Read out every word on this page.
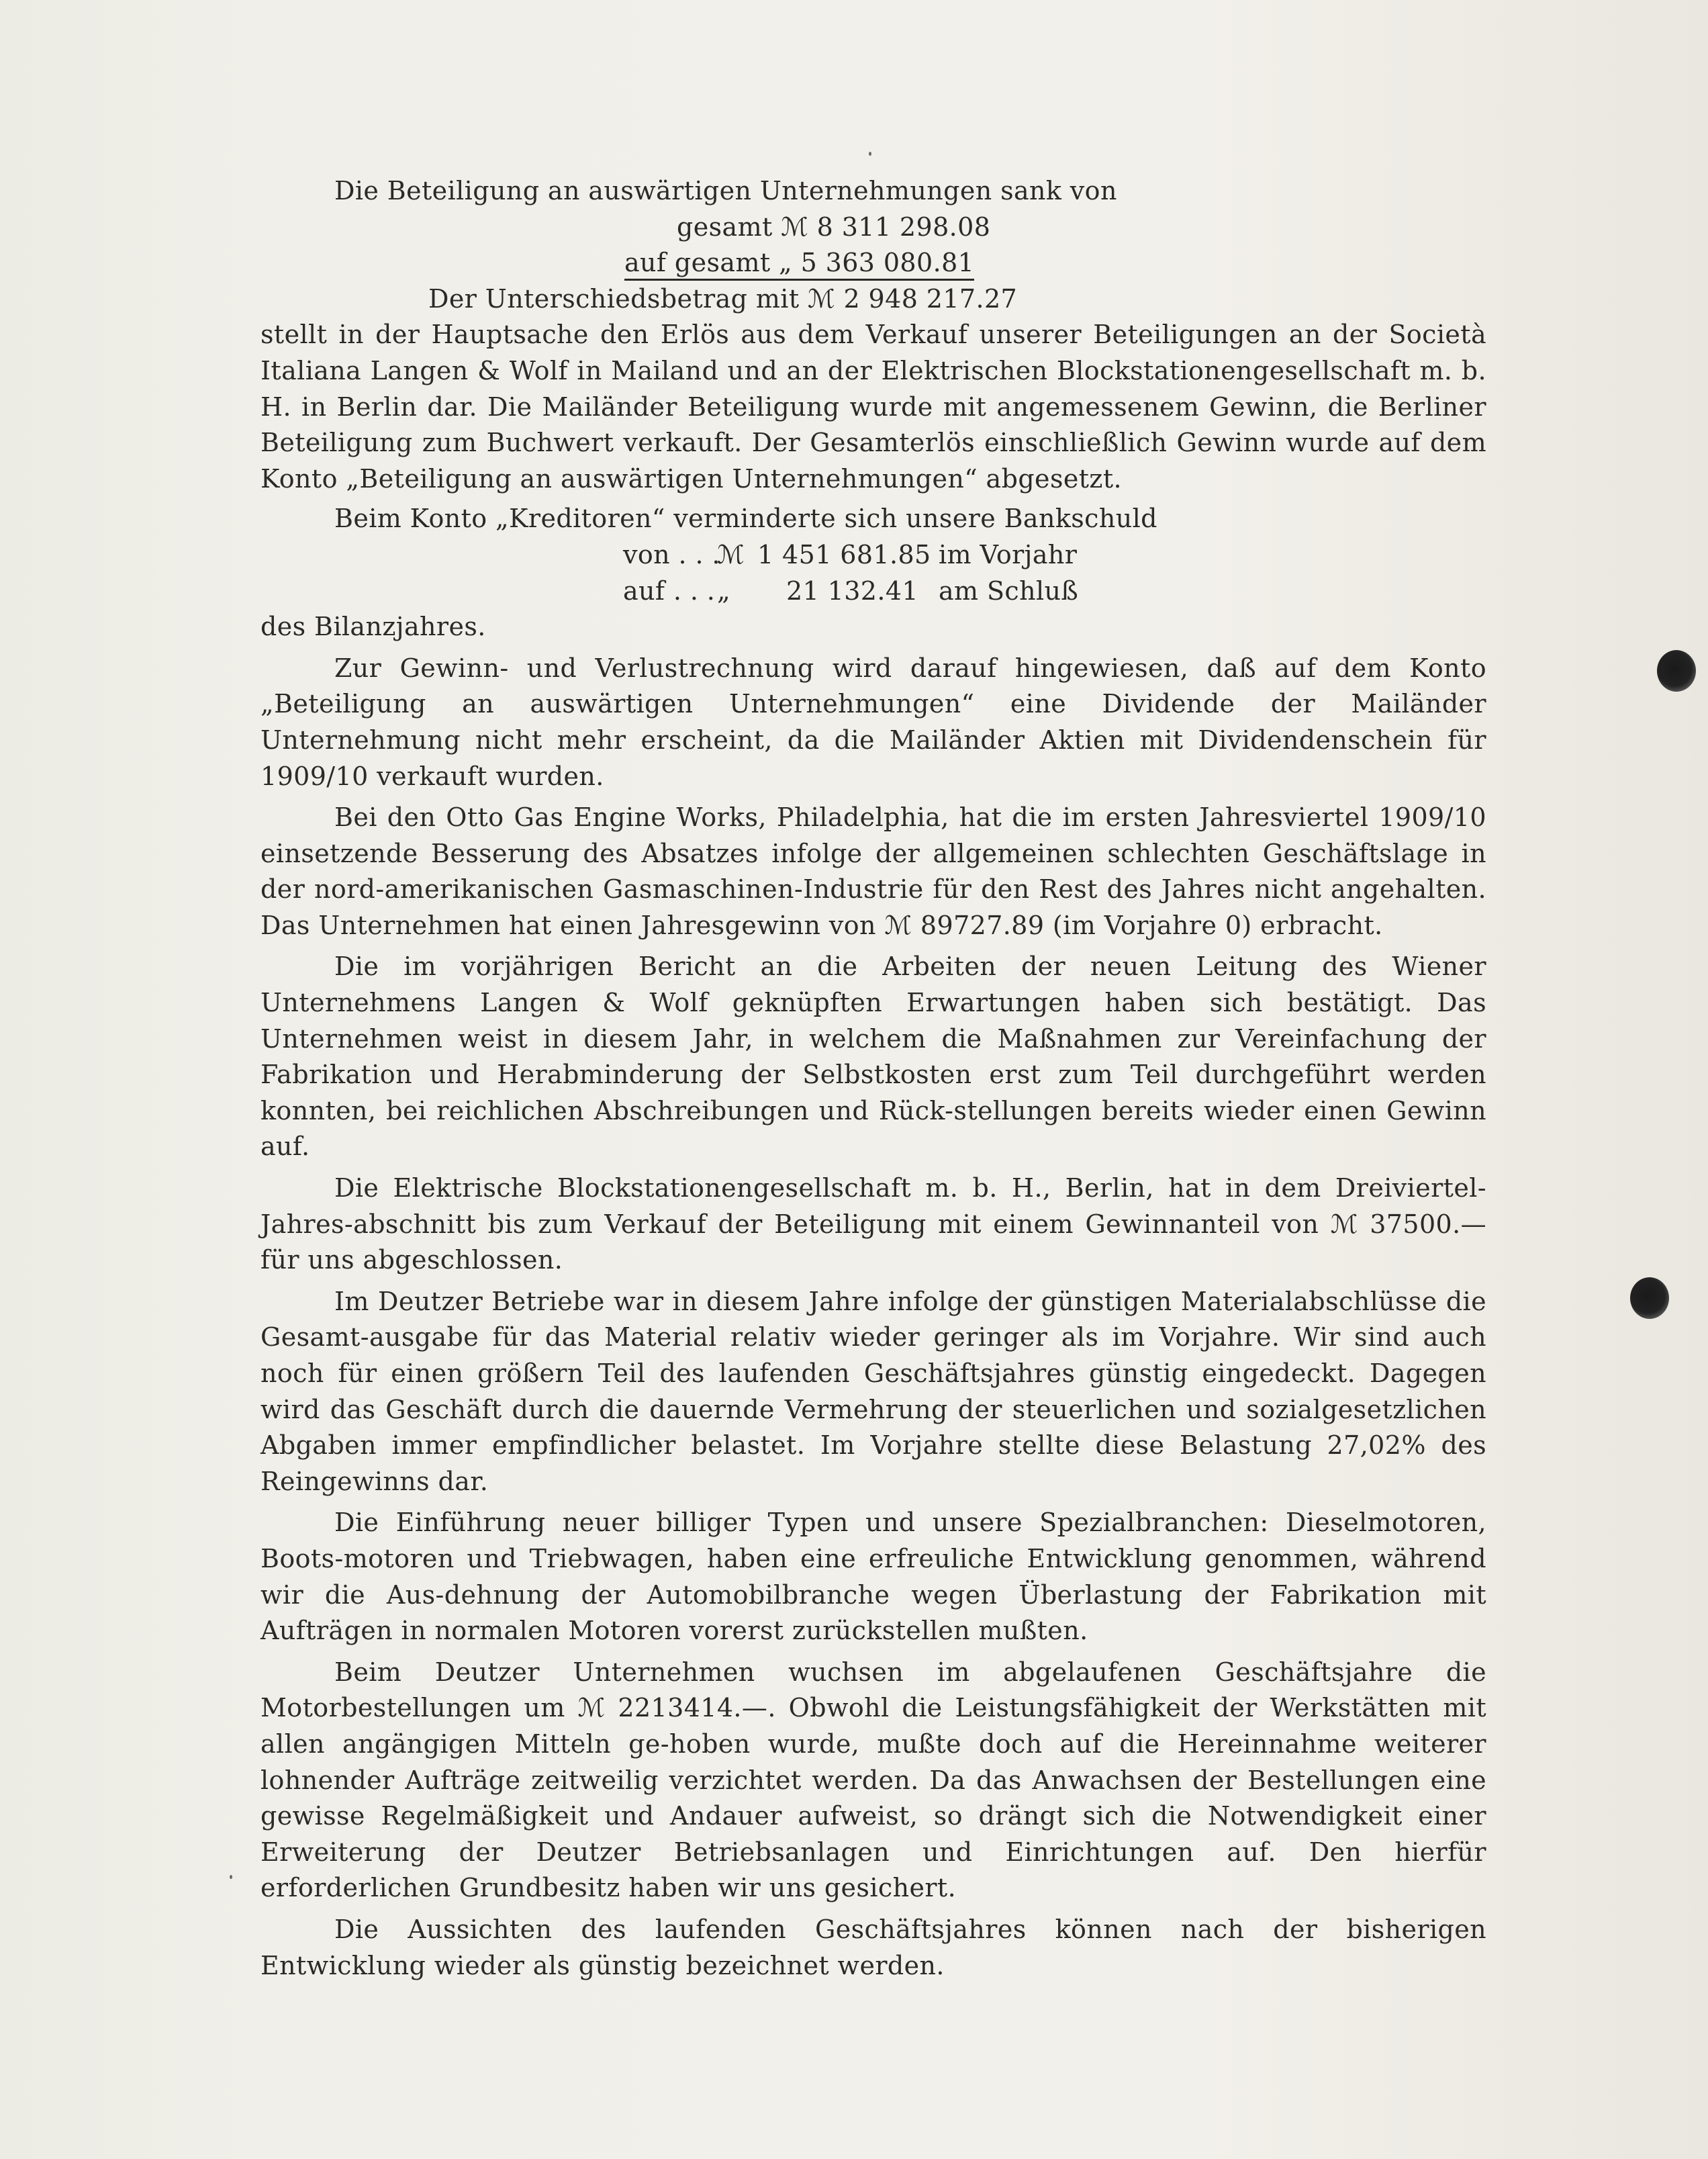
Die Beteiligung an auswärtigen Unternehmungen sank von
gesamt ℳ 8 311 298.08
auf gesamt „ 5 363 080.81
Der Unterschiedsbetrag mit ℳ 2 948 217.27
stellt in der Hauptsache den Erlös aus dem Verkauf unserer Beteiligungen an der Società Italiana Langen & Wolf in Mailand und an der Elektrischen Blockstationengesellschaft m. b. H. in Berlin dar. Die Mailänder Beteiligung wurde mit angemessenem Gewinn, die Berliner Beteiligung zum Buchwert verkauft. Der Gesamterlös einschließlich Gewinn wurde auf dem Konto „Beteiligung an auswärtigen Unternehmungen“ abgesetzt.
Beim Konto „Kreditoren“ verminderte sich unsere Bankschuld
von . . .ℳ 1 451 681.85 im Vorjahr
auf . . .„ 21 132.41 am Schluß
des Bilanzjahres.
Zur Gewinn- und Verlustrechnung wird darauf hingewiesen, daß auf dem Konto „Beteiligung an auswärtigen Unternehmungen“ eine Dividende der Mailänder Unternehmung nicht mehr erscheint, da die Mailänder Aktien mit Dividendenschein für 1909/10 verkauft wurden.
Bei den Otto Gas Engine Works, Philadelphia, hat die im ersten Jahresviertel 1909/10 einsetzende Besserung des Absatzes infolge der allgemeinen schlechten Geschäftslage in der nord-amerikanischen Gasmaschinen-Industrie für den Rest des Jahres nicht angehalten. Das Unternehmen hat einen Jahresgewinn von ℳ 89727.89 (im Vorjahre 0) erbracht.
Die im vorjährigen Bericht an die Arbeiten der neuen Leitung des Wiener Unternehmens Langen & Wolf geknüpften Erwartungen haben sich bestätigt. Das Unternehmen weist in diesem Jahr, in welchem die Maßnahmen zur Vereinfachung der Fabrikation und Herabminderung der Selbstkosten erst zum Teil durchgeführt werden konnten, bei reichlichen Abschreibungen und Rück-stellungen bereits wieder einen Gewinn auf.
Die Elektrische Blockstationengesellschaft m. b. H., Berlin, hat in dem Dreiviertel-Jahres-abschnitt bis zum Verkauf der Beteiligung mit einem Gewinnanteil von ℳ 37500.— für uns abgeschlossen.
Im Deutzer Betriebe war in diesem Jahre infolge der günstigen Materialabschlüsse die Gesamt-ausgabe für das Material relativ wieder geringer als im Vorjahre. Wir sind auch noch für einen größern Teil des laufenden Geschäftsjahres günstig eingedeckt. Dagegen wird das Geschäft durch die dauernde Vermehrung der steuerlichen und sozialgesetzlichen Abgaben immer empfindlicher belastet. Im Vorjahre stellte diese Belastung 27,02% des Reingewinns dar.
Die Einführung neuer billiger Typen und unsere Spezialbranchen: Dieselmotoren, Boots-motoren und Triebwagen, haben eine erfreuliche Entwicklung genommen, während wir die Aus-dehnung der Automobilbranche wegen Überlastung der Fabrikation mit Aufträgen in normalen Motoren vorerst zurückstellen mußten.
Beim Deutzer Unternehmen wuchsen im abgelaufenen Geschäftsjahre die Motorbestellungen um ℳ 2213414.—. Obwohl die Leistungsfähigkeit der Werkstätten mit allen angängigen Mitteln ge-hoben wurde, mußte doch auf die Hereinnahme weiterer lohnender Aufträge zeitweilig verzichtet werden. Da das Anwachsen der Bestellungen eine gewisse Regelmäßigkeit und Andauer aufweist, so drängt sich die Notwendigkeit einer Erweiterung der Deutzer Betriebsanlagen und Einrichtungen auf. Den hierfür erforderlichen Grundbesitz haben wir uns gesichert.
Die Aussichten des laufenden Geschäftsjahres können nach der bisherigen Entwicklung wieder als günstig bezeichnet werden.
